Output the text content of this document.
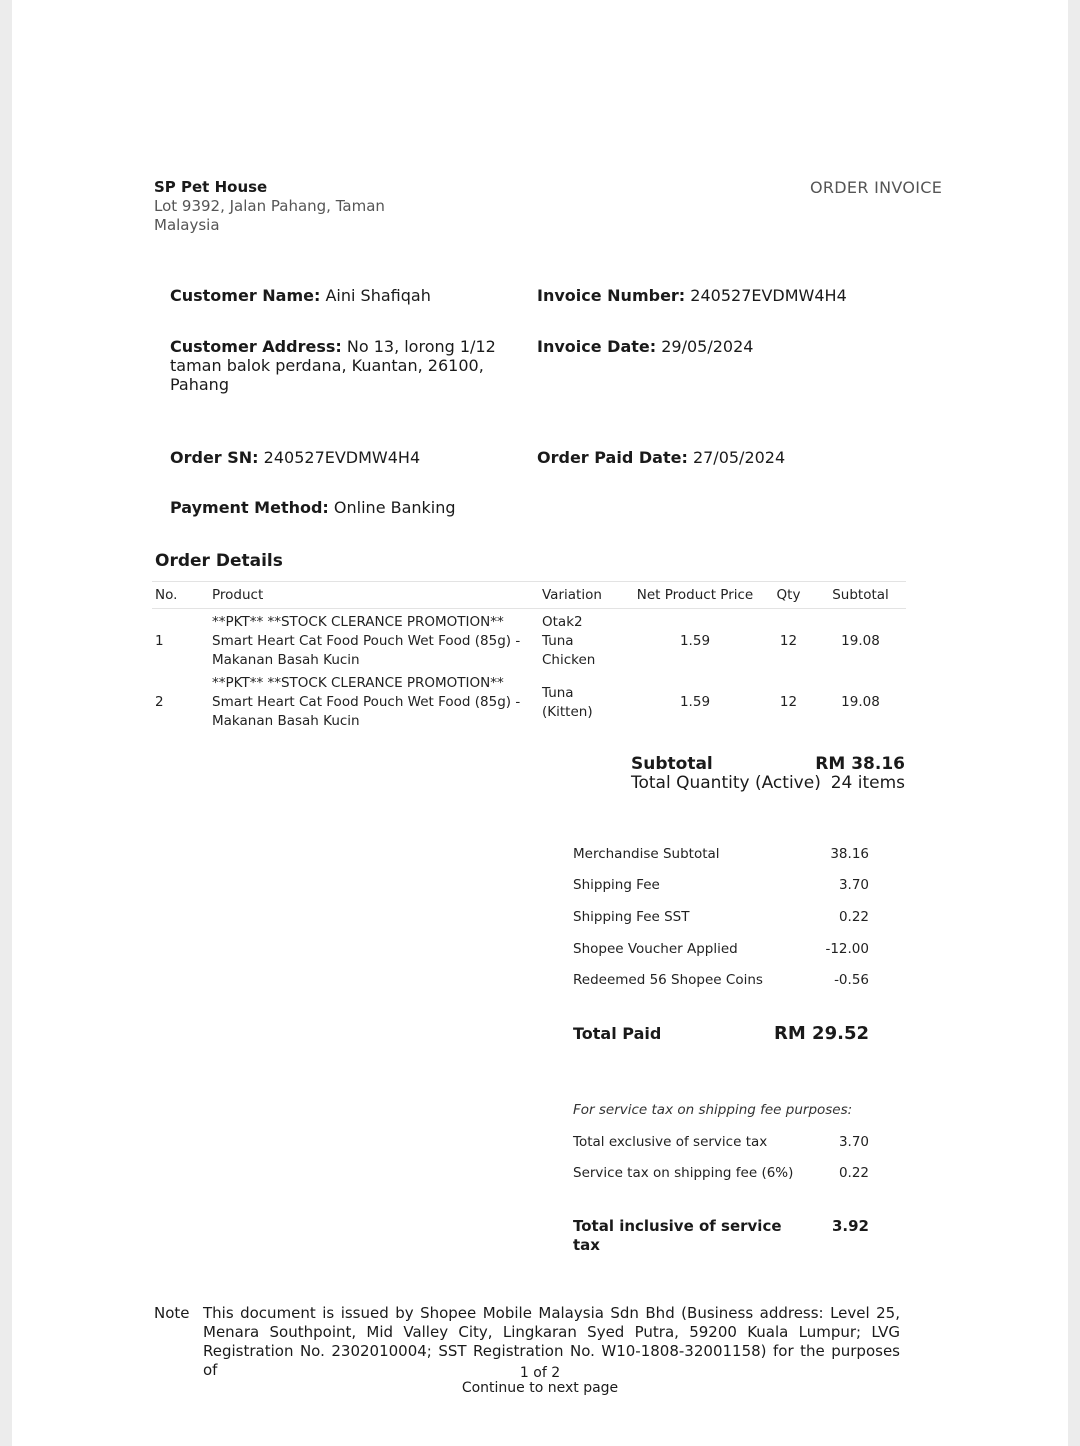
SP Pet House
Lot 9392, Jalan Pahang, Taman
Malaysia
ORDER INVOICE
Customer Name: Aini Shafiqah	Invoice Number: 240527EVDMW4H4
Customer Address: No 13, lorong 1/12 taman balok perdana, Kuantan, 26100, Pahang
Invoice Date: 29/05/2024
Order SN: 240527EVDMW4H4	Order Paid Date: 27/05/2024
Payment Method: Online Banking
Order Details
No.	Product	Variation	Net Product Price	Qty	Subtotal
1	**PKT** **STOCK CLERANCE PROMOTION** Smart Heart Cat Food Pouch Wet Food (85g) - Makanan Basah Kucin	Otak2 Tuna Chicken	1.59	12	19.08
2	**PKT** **STOCK CLERANCE PROMOTION** Smart Heart Cat Food Pouch Wet Food (85g) - Makanan Basah Kucin	Tuna (Kitten)	1.59	12	19.08
Subtotal	RM 38.16
Total Quantity (Active) 24 items
Merchandise Subtotal	38.16
Shipping Fee	3.70
Shipping Fee SST	0.22
Shopee Voucher Applied	-12.00
Redeemed 56 Shopee Coins	-0.56
Total Paid	RM 29.52
For service tax on shipping fee purposes:
Total exclusive of service tax	3.70
Service tax on shipping fee (6%)	0.22
Total inclusive of service tax
3.92
Note This document is issued by Shopee Mobile Malaysia Sdn Bhd (Business address: Level 25, Menara Southpoint, Mid Valley City, Lingkaran Syed Putra, 59200 Kuala Lumpur; LVG Registration No. 2302010004; SST Registration No. W10-1808-32001158) for the purposes of	1 of 2
Continue to next page
